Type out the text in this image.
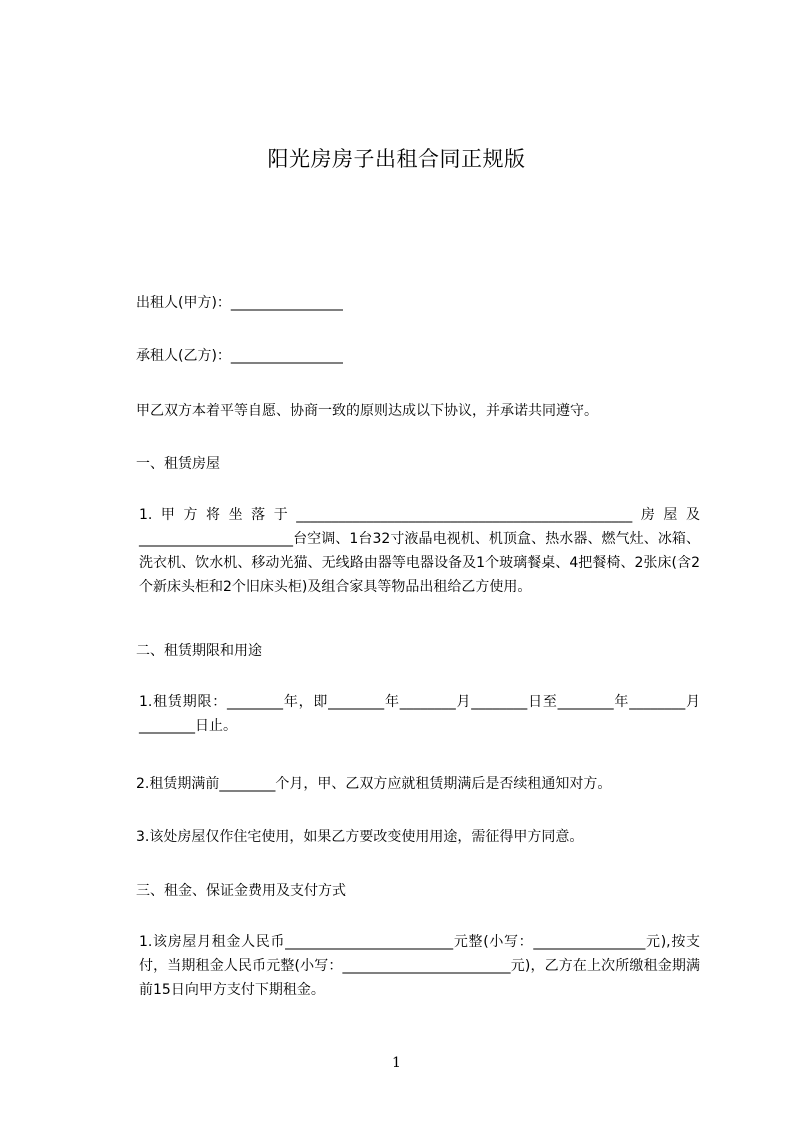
阳光房房子出租合同正规版
出租人(甲方)：________________
承租人(乙方)：________________
甲乙双方本着平等自愿、协商一致的原则达成以下协议，并承诺共同遵守。
一、租赁房屋
1.甲方将坐落于________________________________________________房屋及______________________台空调、1台32寸液晶电视机、机顶盒、热水器、燃气灶、冰箱、洗衣机、饮水机、移动光猫、无线路由器等电器设备及1个玻璃餐桌、4把餐椅、2张床(含2个新床头柜和2个旧床头柜)及组合家具等物品出租给乙方使用。
二、租赁期限和用途
1.租赁期限：________年，即________年________月________日至________年________月________日止。
2.租赁期满前________个月，甲、乙双方应就租赁期满后是否续租通知对方。
3.该处房屋仅作住宅使用，如果乙方要改变使用用途，需征得甲方同意。
三、租金、保证金费用及支付方式
1.该房屋月租金人民币________________________元整(小写：________________元),按支付，当期租金人民币元整(小写：________________________元)，乙方在上次所缴租金期满前15日向甲方支付下期租金。
1
